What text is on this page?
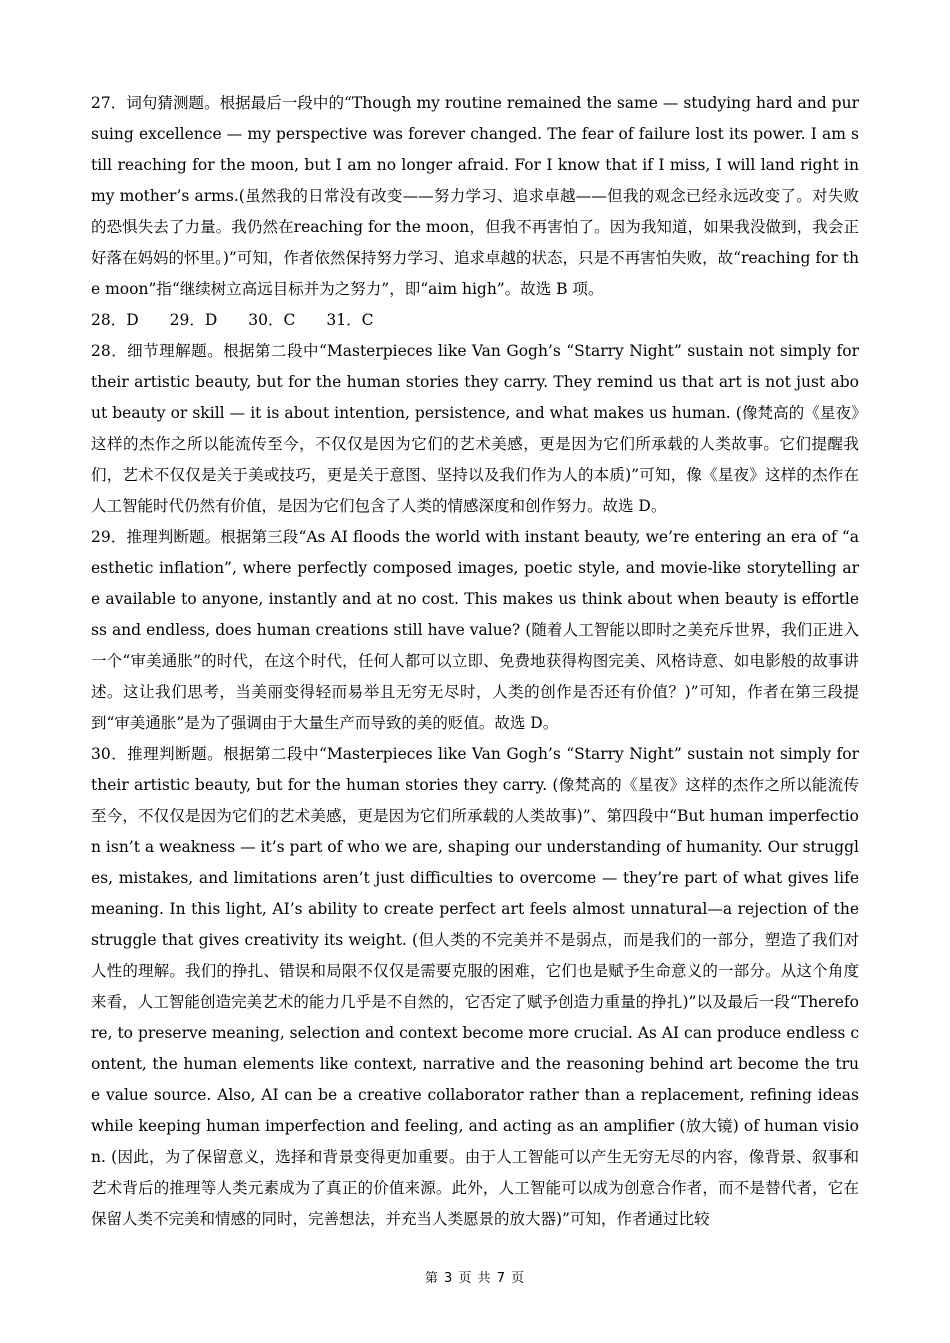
27．词句猜测题。根据最后一段中的“Though my routine remained the same — studying hard and pursuing excellence — my perspective was forever changed. The fear of failure lost its power. I am still reaching for the moon, but I am no longer afraid. For I know that if I miss, I will land right in my mother’s arms.(虽然我的日常没有改变——努力学习、追求卓越——但我的观念已经永远改变了。对失败的恐惧失去了力量。我仍然在reaching for the moon，但我不再害怕了。因为我知道，如果我没做到，我会正好落在妈妈的怀里。)”可知，作者依然保持努力学习、追求卓越的状态，只是不再害怕失败，故“reaching for the moon”指“继续树立高远目标并为之努力”，即“aim high”。故选 B 项。

28．D　　29．D　　30．C　　31．C

28．细节理解题。根据第二段中“Masterpieces like Van Gogh’s “Starry Night” sustain not simply for their artistic beauty, but for the human stories they carry. They remind us that art is not just about beauty or skill — it is about intention, persistence, and what makes us human. (像梵高的《星夜》这样的杰作之所以能流传至今，不仅仅是因为它们的艺术美感，更是因为它们所承载的人类故事。它们提醒我们，艺术不仅仅是关于美或技巧，更是关于意图、坚持以及我们作为人的本质)”可知，像《星夜》这样的杰作在人工智能时代仍然有价值，是因为它们包含了人类的情感深度和创作努力。故选 D。

29．推理判断题。根据第三段“As AI floods the world with instant beauty, we’re entering an era of “aesthetic inflation”, where perfectly composed images, poetic style, and movie-like storytelling are available to anyone, instantly and at no cost. This makes us think about when beauty is effortless and endless, does human creations still have value? (随着人工智能以即时之美充斥世界，我们正进入一个“审美通胀”的时代，在这个时代，任何人都可以立即、免费地获得构图完美、风格诗意、如电影般的故事讲述。这让我们思考，当美丽变得轻而易举且无穷无尽时，人类的创作是否还有价值？)”可知，作者在第三段提到“审美通胀”是为了强调由于大量生产而导致的美的贬值。故选 D。

30．推理判断题。根据第二段中“Masterpieces like Van Gogh’s “Starry Night” sustain not simply for their artistic beauty, but for the human stories they carry. (像梵高的《星夜》这样的杰作之所以能流传至今，不仅仅是因为它们的艺术美感，更是因为它们所承载的人类故事)”、第四段中“But human imperfection isn’t a weakness — it’s part of who we are, shaping our understanding of humanity. Our struggles, mistakes, and limitations aren’t just difficulties to overcome — they’re part of what gives life meaning. In this light, AI’s ability to create perfect art feels almost unnatural—a rejection of the struggle that gives creativity its weight. (但人类的不完美并不是弱点，而是我们的一部分，塑造了我们对人性的理解。我们的挣扎、错误和局限不仅仅是需要克服的困难，它们也是赋予生命意义的一部分。从这个角度来看，人工智能创造完美艺术的能力几乎是不自然的，它否定了赋予创造力重量的挣扎)”以及最后一段“Therefore, to preserve meaning, selection and context become more crucial. As AI can produce endless content, the human elements like context, narrative and the reasoning behind art become the true value source. Also, AI can be a creative collaborator rather than a replacement, refining ideas while keeping human imperfection and feeling, and acting as an amplifier (放大镜) of human vision. (因此，为了保留意义，选择和背景变得更加重要。由于人工智能可以产生无穷无尽的内容，像背景、叙事和艺术背后的推理等人类元素成为了真正的价值来源。此外，人工智能可以成为创意合作者，而不是替代者，它在保留人类不完美和情感的同时，完善想法，并充当人类愿景的放大器)”可知，作者通过比较

第 3 页 共 7 页
